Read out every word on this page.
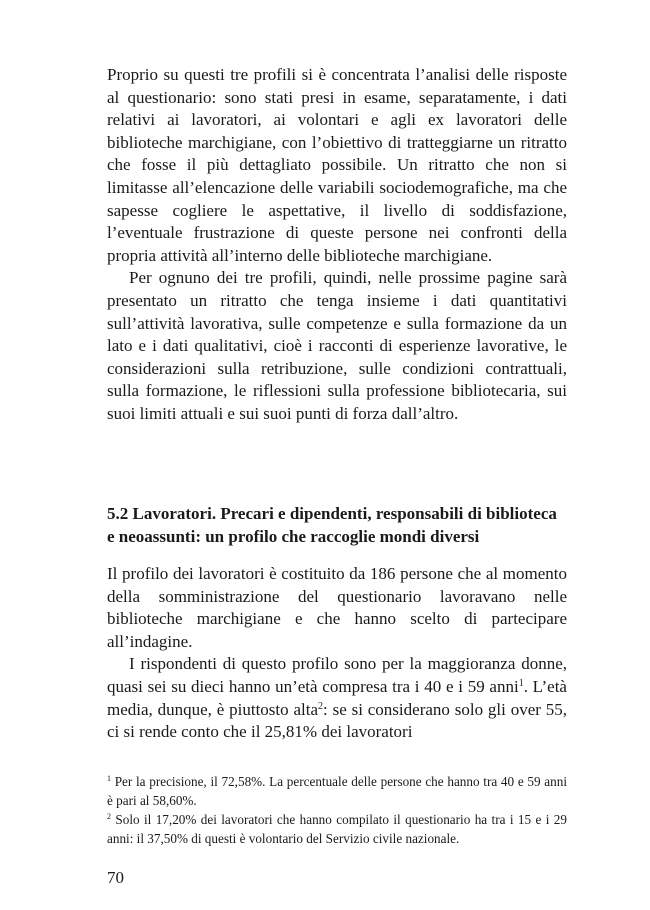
Proprio su questi tre profili si è concentrata l’analisi delle risposte al questionario: sono stati presi in esame, separatamente, i dati relativi ai lavoratori, ai volontari e agli ex lavoratori delle biblioteche marchigiane, con l’obiettivo di tratteggiarne un ritratto che fosse il più dettagliato possibile. Un ritratto che non si limitasse all’elencazione delle variabili sociodemografiche, ma che sapesse cogliere le aspettative, il livello di soddisfazione, l’eventuale frustrazione di queste persone nei confronti della propria attività all’interno delle biblioteche marchigiane.

Per ognuno dei tre profili, quindi, nelle prossime pagine sarà presentato un ritratto che tenga insieme i dati quantitativi sull’attività lavorativa, sulle competenze e sulla formazione da un lato e i dati qualitativi, cioè i racconti di esperienze lavorative, le considerazioni sulla retribuzione, sulle condizioni contrattuali, sulla formazione, le riflessioni sulla professione bibliotecaria, sui suoi limiti attuali e sui suoi punti di forza dall’altro.

5.2 Lavoratori. Precari e dipendenti, responsabili di biblioteca e neoassunti: un profilo che raccoglie mondi diversi

Il profilo dei lavoratori è costituito da 186 persone che al momento della somministrazione del questionario lavoravano nelle biblioteche marchigiane e che hanno scelto di partecipare all’indagine.

I rispondenti di questo profilo sono per la maggioranza donne, quasi sei su dieci hanno un’età compresa tra i 40 e i 59 anni$^1$. L’età media, dunque, è piuttosto alta$^2$: se si considerano solo gli over 55, ci si rende conto che il 25,81% dei lavoratori

$^1$ Per la precisione, il 72,58%. La percentuale delle persone che hanno tra 40 e 59 anni è pari al 58,60%.

$^2$ Solo il 17,20% dei lavoratori che hanno compilato il questionario ha tra i 15 e i 29 anni: il 37,50% di questi è volontario del Servizio civile nazionale.

70
